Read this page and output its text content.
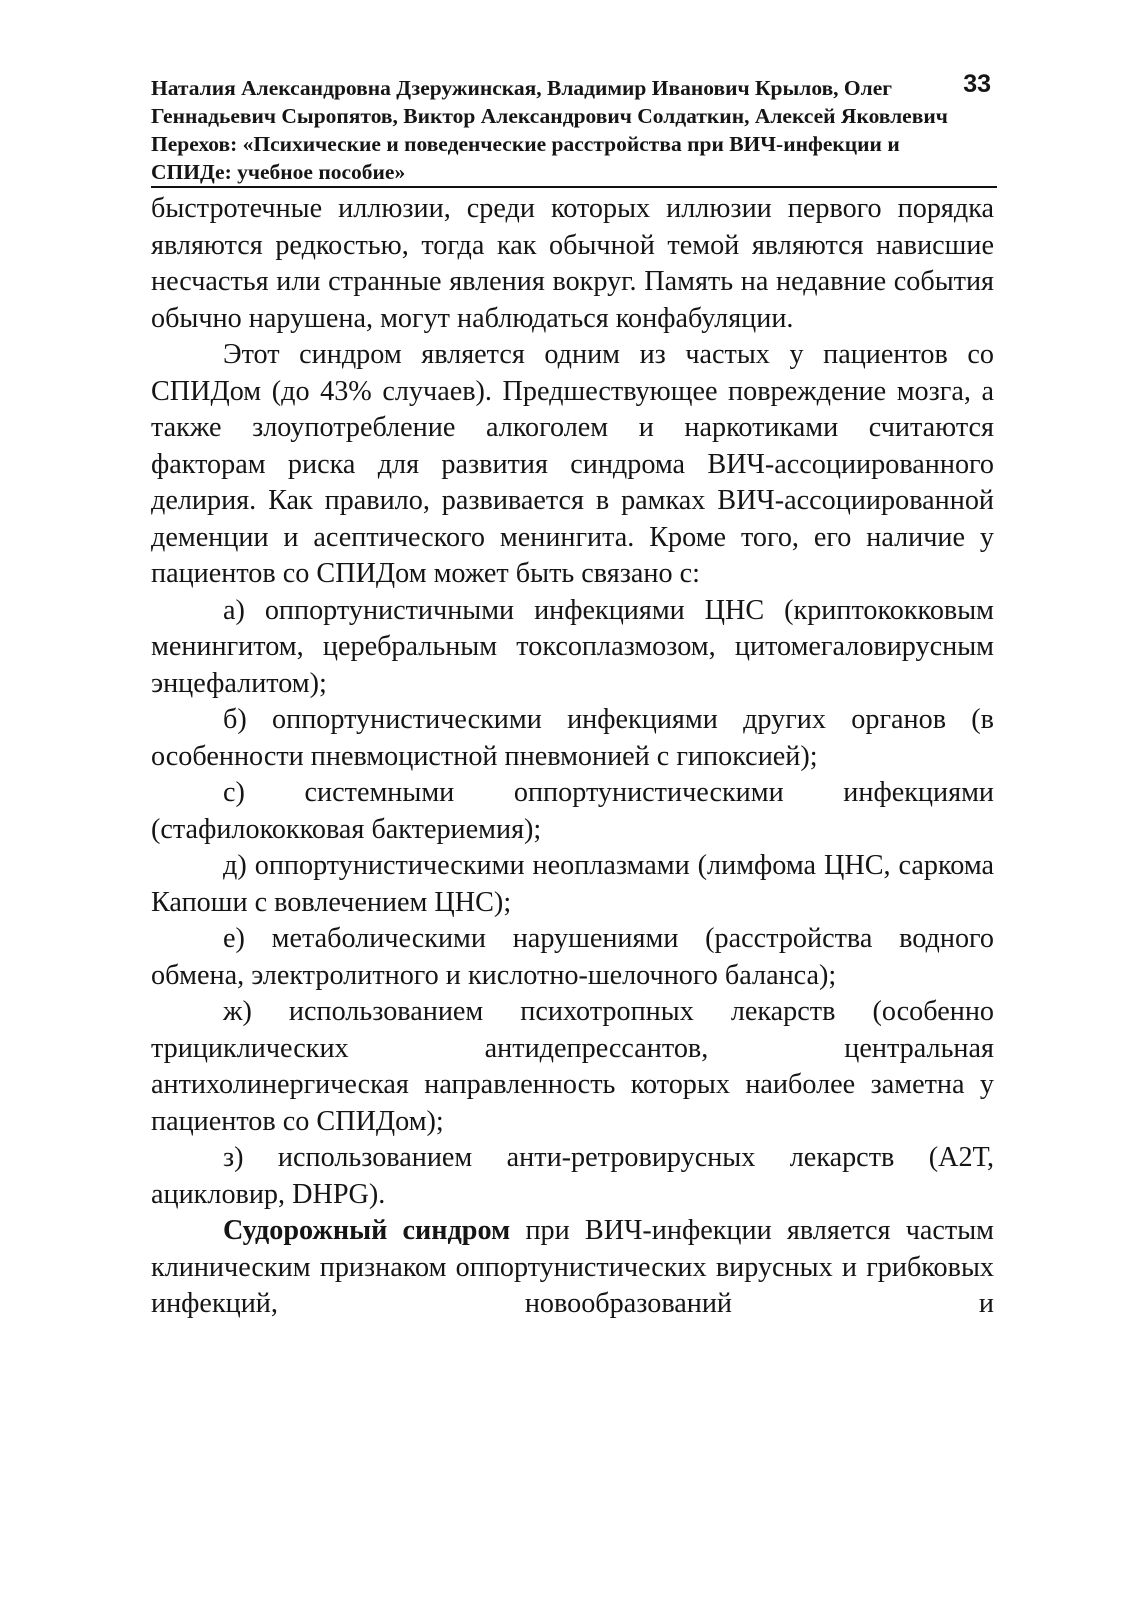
Наталия Александровна Дзеружинская, Владимир Иванович Крылов, Олег Геннадьевич Сыропятов, Виктор Александрович Солдаткин, Алексей Яковлевич Перехов: «Психические и поведенческие расстройства при ВИЧ-инфекции и СПИДе: учебное пособие»
33

быстротечные иллюзии, среди которых иллюзии первого порядка являются редкостью, тогда как обычной темой являются нависшие несчастья или странные явления вокруг. Память на недавние события обычно нарушена, могут наблюдаться конфабуляции.

Этот синдром является одним из частых у пациентов со СПИДом (до 43% случаев). Предшествующее повреждение мозга, а также злоупотребление алкоголем и наркотиками считаются факторам риска для развития синдрома ВИЧ-ассоциированного делирия. Как правило, развивается в рамках ВИЧ-ассоциированной деменции и асептического менингита. Кроме того, его наличие у пациентов со СПИДом может быть связано с:

а) оппортунистичными инфекциями ЦНС (криптококковым менингитом, церебральным токсоплазмозом, цитомегаловирусным энцефалитом);

б) оппортунистическими инфекциями других органов (в особенности пневмоцистной пневмонией с гипоксией);

с) системными оппортунистическими инфекциями (стафилококковая бактериемия);

д) оппортунистическими неоплазмами (лимфома ЦНС, саркома Капоши с вовлечением ЦНС);

е) метаболическими нарушениями (расстройства водного обмена, электролитного и кислотно-шелочного баланса);

ж) использованием психотропных лекарств (особенно трициклических антидепрессантов, центральная антихолинергическая направленность которых наиболее заметна у пациентов со СПИДом);

з) использованием анти-ретровирусных лекарств (А2Т, ацикловир, DHPG).

Судорожный синдром при ВИЧ-инфекции является частым клиническим признаком оппортунистических вирусных и грибковых инфекций, новообразований и
